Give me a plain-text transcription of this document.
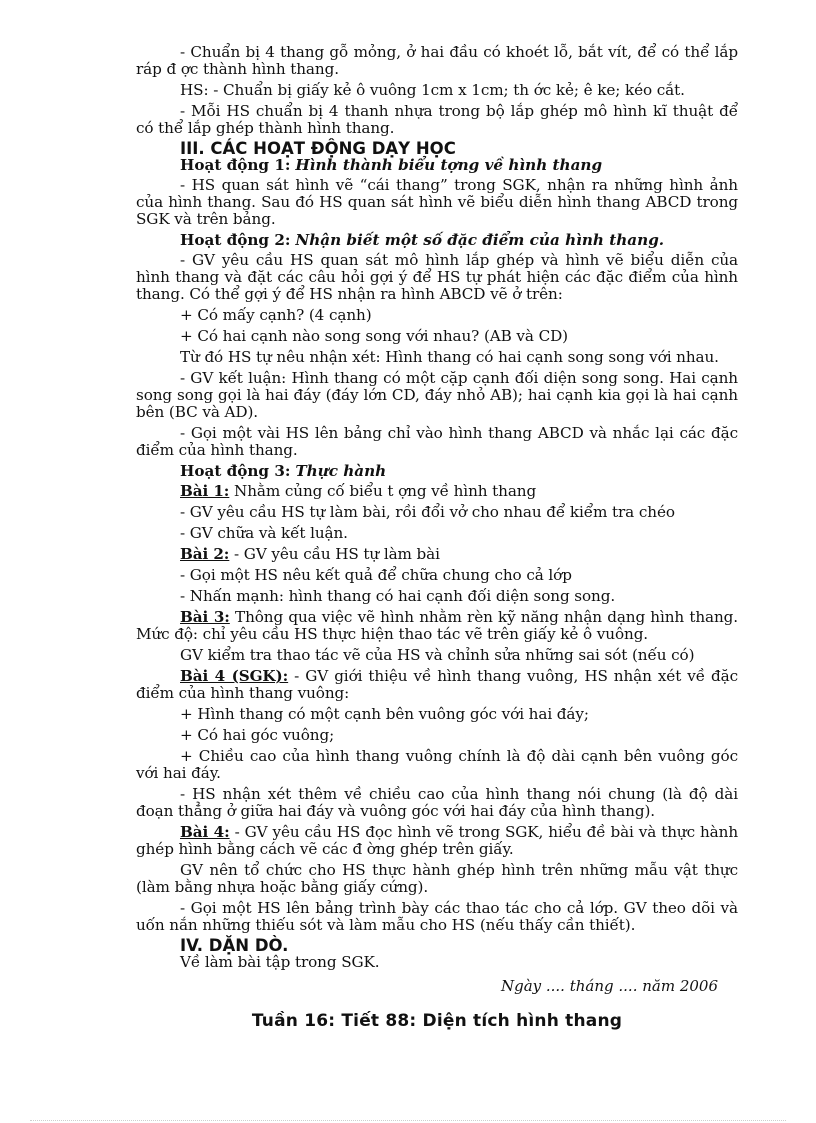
- Chuẩn bị 4 thang gỗ mỏng, ở hai đầu có khoét lỗ, bắt vít, để có thể lắp ráp đ ợc thành hình thang.

HS: - Chuẩn bị giấy kẻ ô vuông 1cm x 1cm; th ớc kẻ; ê ke; kéo cắt.

- Mỗi HS chuẩn bị 4 thanh nhựa trong bộ lắp ghép mô hình kĩ thuật để có thể lắp ghép thành hình thang.

III. CÁC HOẠT ĐỘNG DẠY HỌC
Hoạt động 1: Hình thành biểu tợng về hình thang

- HS quan sát hình vẽ “cái thang” trong SGK, nhận ra những hình ảnh của hình thang. Sau đó HS quan sát hình vẽ biểu diễn hình thang ABCD trong SGK và trên bảng.

Hoạt động 2: Nhận biết một số đặc điểm của hình thang.

- GV yêu cầu HS quan sát mô hình lắp ghép và hình vẽ biểu diễn của hình thang và đặt các câu hỏi gợi ý để HS tự phát hiện các đặc điểm của hình thang. Có thể gợi ý để HS nhận ra hình ABCD vẽ ở trên:

+ Có mấy cạnh? (4 cạnh)

+ Có hai cạnh nào song song với nhau? (AB và CD)

Từ đó HS tự nêu nhận xét: Hình thang có hai cạnh song song với nhau.

- GV kết luận: Hình thang có một cặp cạnh đối diện song song. Hai cạnh song song gọi là hai đáy (đáy lớn CD, đáy nhỏ AB); hai cạnh kia gọi là hai cạnh bên (BC và AD).

- Gọi một vài HS lên bảng chỉ vào hình thang ABCD và nhắc lại các đặc điểm của hình thang.

Hoạt động 3: Thực hành

Bài 1: Nhằm củng cố biểu t ợng về hình thang

- GV yêu cầu HS tự làm bài, rồi đổi vở cho nhau để kiểm tra chéo

- GV chữa và kết luận.

Bài 2: - GV yêu cầu HS tự làm bài

- Gọi một HS nêu kết quả để chữa chung cho cả lớp

- Nhấn mạnh: hình thang có hai cạnh đối diện song song.

Bài 3: Thông qua việc vẽ hình nhằm rèn kỹ năng nhận dạng hình thang. Mức độ: chỉ yêu cầu HS thực hiện thao tác vẽ trên giấy kẻ ô vuông.

GV kiểm tra thao tác vẽ của HS và chỉnh sửa những sai sót (nếu có)

Bài 4 (SGK): - GV giới thiệu về hình thang vuông, HS nhận xét về đặc điểm của hình thang vuông:

+ Hình thang có một cạnh bên vuông góc với hai đáy;

+ Có hai góc vuông;

+ Chiều cao của hình thang vuông chính là độ dài cạnh bên vuông góc với hai đáy.

- HS nhận xét thêm về chiều cao của hình thang nói chung (là độ dài đoạn thẳng ở giữa hai đáy và vuông góc với hai đáy của hình thang).

Bài 4: - GV yêu cầu HS đọc hình vẽ trong SGK, hiểu đề bài và thực hành ghép hình bằng cách vẽ các đ ờng ghép trên giấy.

GV nên tổ chức cho HS thực hành ghép hình trên những mẫu vật thực (làm bằng nhựa hoặc bằng giấy cứng).

- Gọi một HS lên bảng trình bày các thao tác cho cả lớp. GV theo dõi và uốn nắn những thiếu sót và làm mẫu cho HS (nếu thấy cần thiết).

IV. DẶN DÒ.

Về làm bài tập trong SGK.

Ngày .... tháng .... năm 2006
Tuần 16: Tiết 88: Diện tích hình thang
